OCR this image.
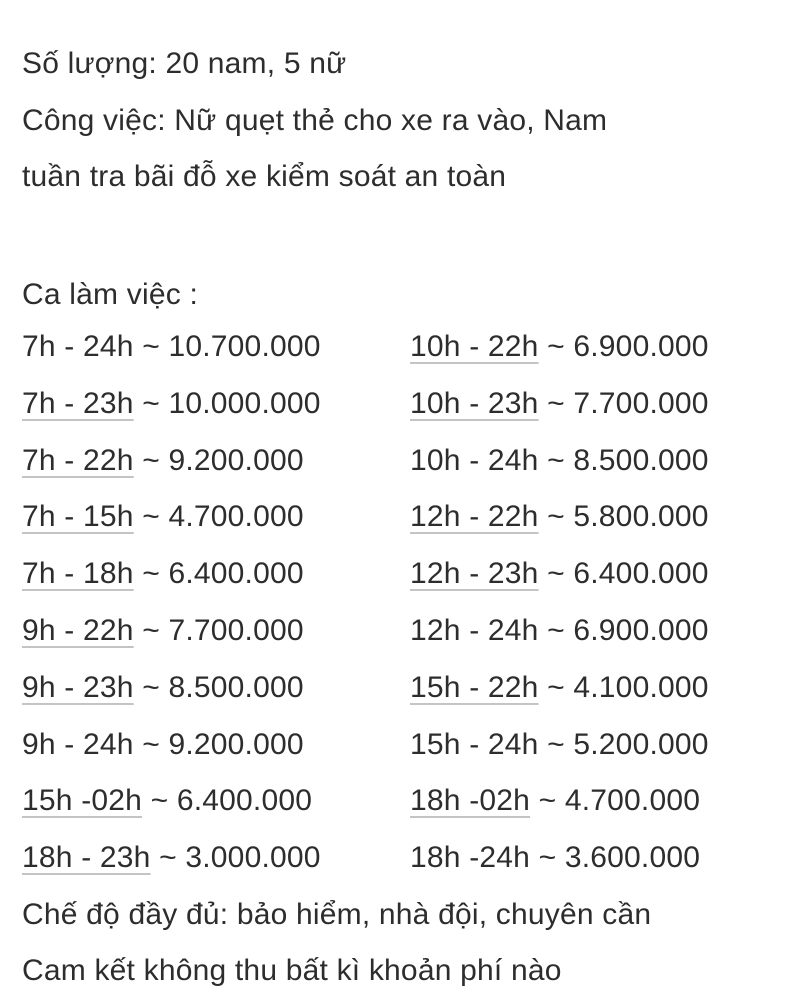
Số lượng: 20 nam, 5 nữ
Công việc: Nữ quẹt thẻ cho xe ra vào, Nam
tuần tra bãi đỗ xe kiểm soát an toàn
Ca làm việc :
7h - 24h ~ 10.700.000
7h - 23h ~ 10.000.000
7h - 22h ~ 9.200.000
7h - 15h ~ 4.700.000
7h - 18h ~ 6.400.000
9h - 22h ~ 7.700.000
9h - 23h ~ 8.500.000
9h - 24h ~ 9.200.000
15h -02h ~ 6.400.000
18h - 23h ~ 3.000.000
10h - 22h ~ 6.900.000
10h - 23h ~ 7.700.000
10h - 24h ~ 8.500.000
12h - 22h ~ 5.800.000
12h - 23h ~ 6.400.000
12h - 24h ~ 6.900.000
15h - 22h ~ 4.100.000
15h - 24h ~ 5.200.000
18h -02h ~ 4.700.000
18h -24h ~ 3.600.000
Chế độ đầy đủ: bảo hiểm, nhà đội, chuyên cần
Cam kết không thu bất kì khoản phí nào
